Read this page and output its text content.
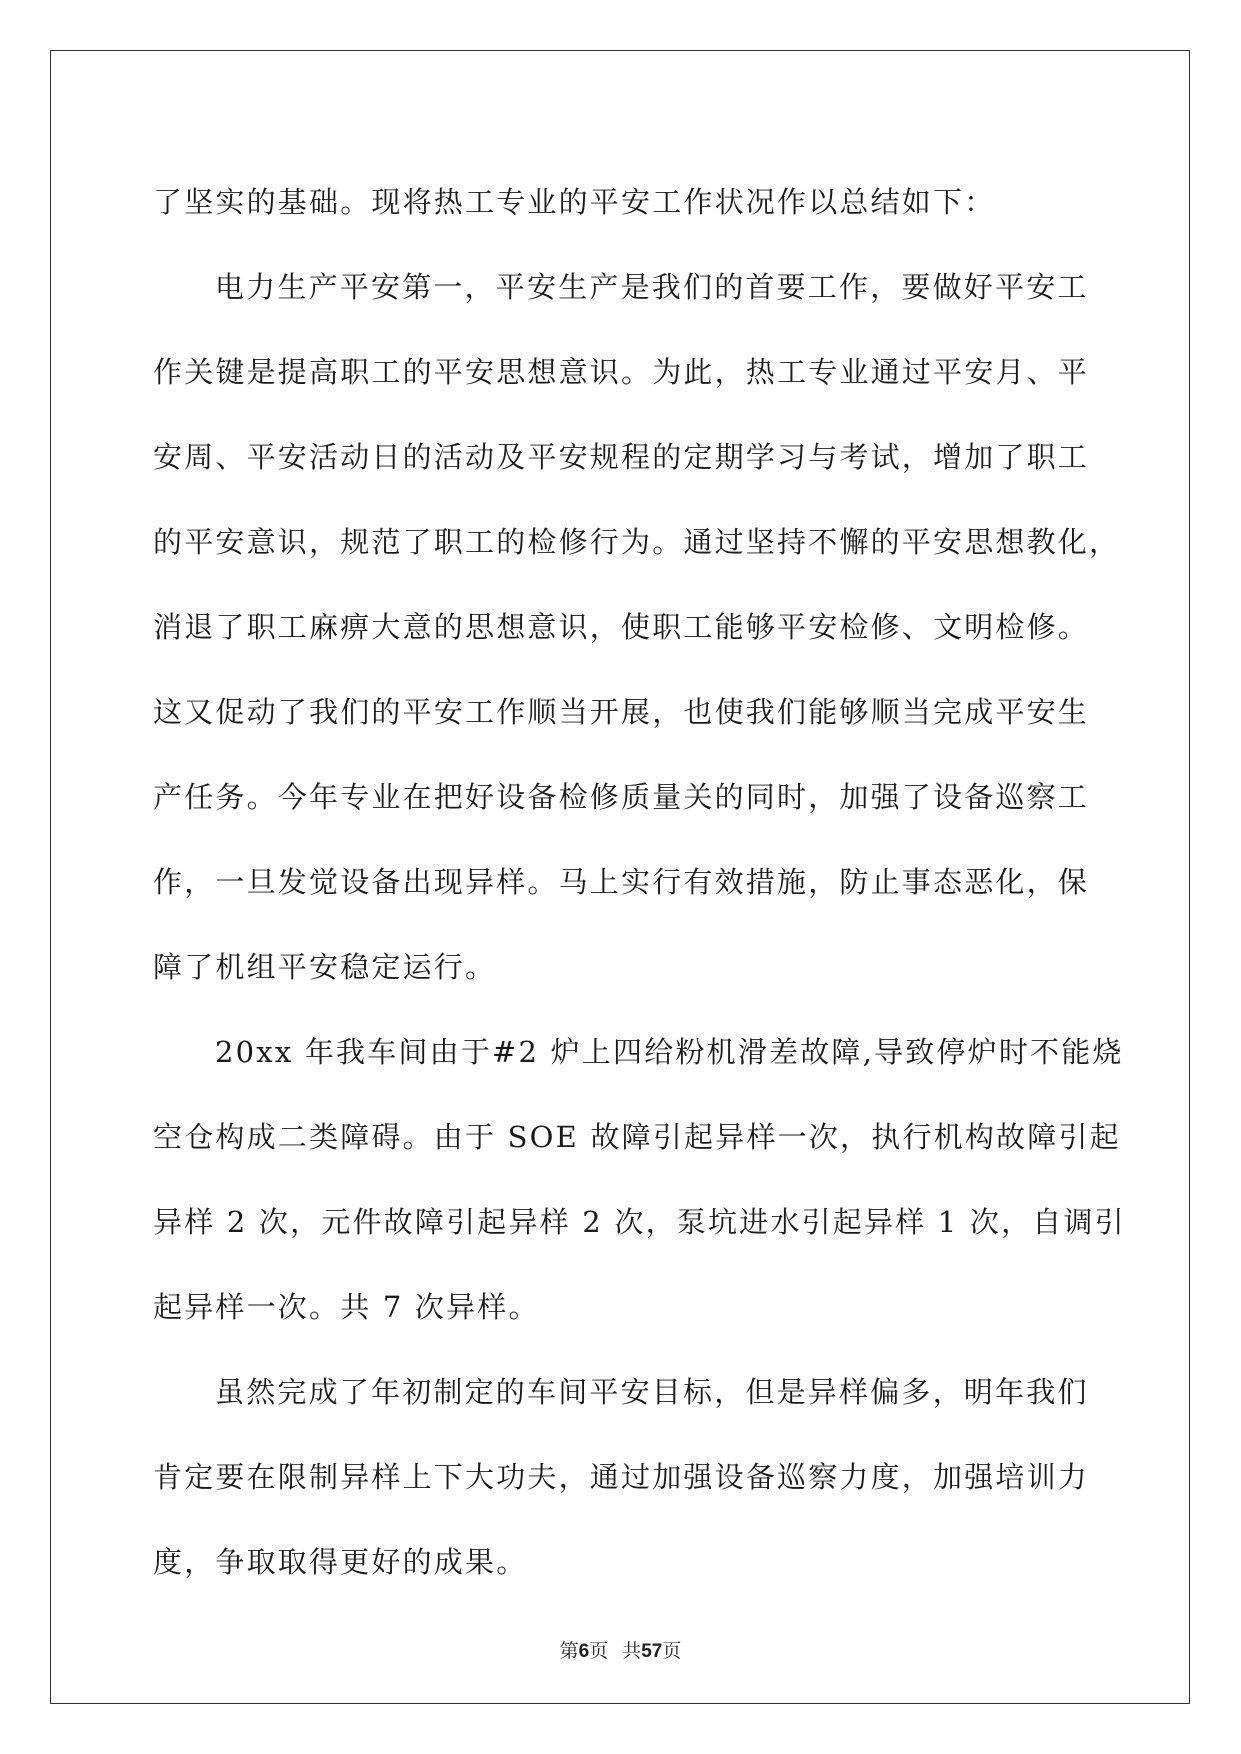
了坚实的基础。现将热工专业的平安工作状况作以总结如下：
电力生产平安第一，平安生产是我们的首要工作，要做好平安工
作关键是提高职工的平安思想意识。为此，热工专业通过平安月、平
安周、平安活动日的活动及平安规程的定期学习与考试，增加了职工
的平安意识，规范了职工的检修行为。通过坚持不懈的平安思想教化，
消退了职工麻痹大意的思想意识，使职工能够平安检修、文明检修。
这又促动了我们的平安工作顺当开展，也使我们能够顺当完成平安生
产任务。今年专业在把好设备检修质量关的同时，加强了设备巡察工
作，一旦发觉设备出现异样。马上实行有效措施，防止事态恶化，保
障了机组平安稳定运行。
20xx 年我车间由于#2 炉上四给粉机滑差故障,导致停炉时不能烧
空仓构成二类障碍。由于 SOE 故障引起异样一次，执行机构故障引起
异样 2 次，元件故障引起异样 2 次，泵坑进水引起异样 1 次，自调引
起异样一次。共 7 次异样。
虽然完成了年初制定的车间平安目标，但是异样偏多，明年我们
肯定要在限制异样上下大功夫，通过加强设备巡察力度，加强培训力
度，争取取得更好的成果。
第6页 共57页
